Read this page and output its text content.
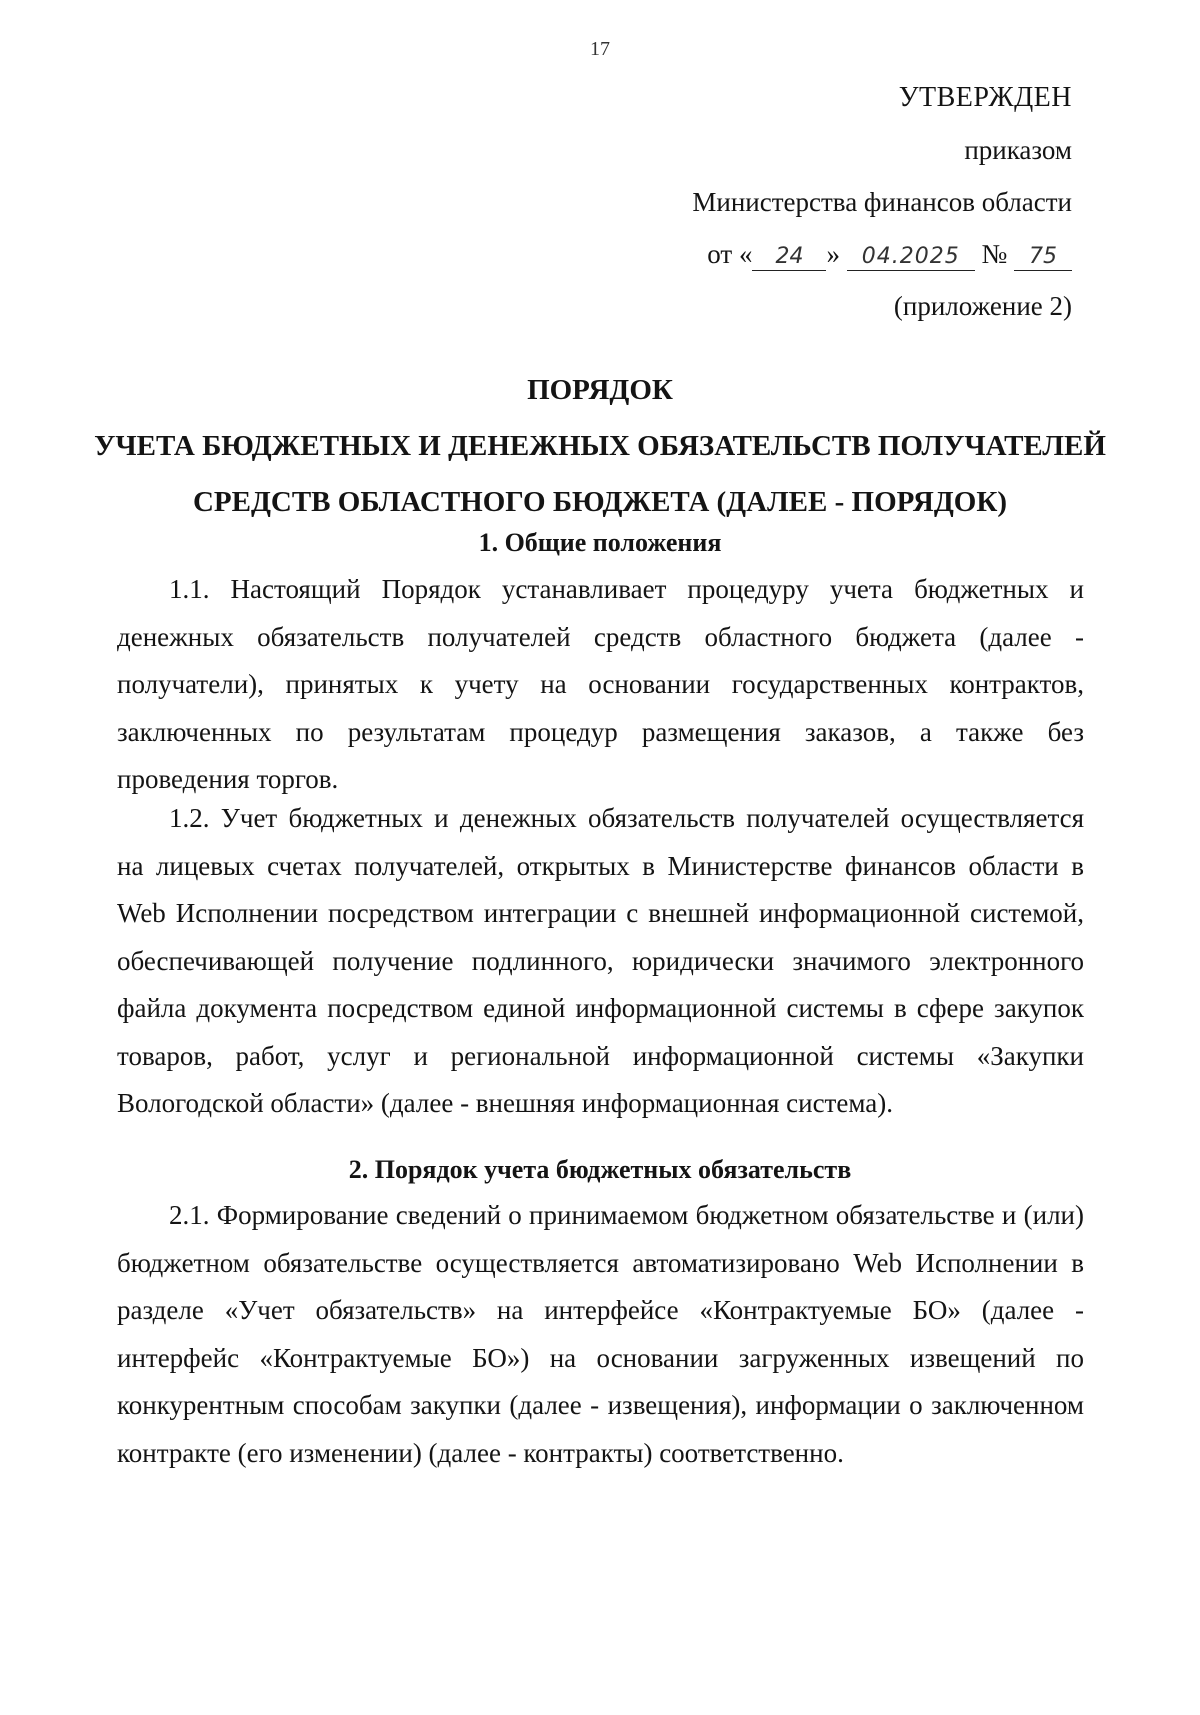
17
УТВЕРЖДЕН
приказом
Министерства финансов области
от « 24 » 04.2025 № 75
(приложение 2)
ПОРЯДОК
УЧЕТА БЮДЖЕТНЫХ И ДЕНЕЖНЫХ ОБЯЗАТЕЛЬСТВ ПОЛУЧАТЕЛЕЙ
СРЕДСТВ ОБЛАСТНОГО БЮДЖЕТА (ДАЛЕЕ - ПОРЯДОК)
1. Общие положения

1.1. Настоящий Порядок устанавливает процедуру учета бюджетных и денежных обязательств получателей средств областного бюджета (далее - получатели), принятых к учету на основании государственных контрактов, заключенных по результатам процедур размещения заказов, а также без проведения торгов.

1.2. Учет бюджетных и денежных обязательств получателей осуществляется на лицевых счетах получателей, открытых в Министерстве финансов области в Web Исполнении посредством интеграции с внешней информационной системой, обеспечивающей получение подлинного, юридически значимого электронного файла документа посредством единой информационной системы в сфере закупок товаров, работ, услуг и региональной информационной системы «Закупки Вологодской области» (далее - внешняя информационная система).

2. Порядок учета бюджетных обязательств

2.1. Формирование сведений о принимаемом бюджетном обязательстве и (или) бюджетном обязательстве осуществляется автоматизировано Web Исполнении в разделе «Учет обязательств» на интерфейсе «Контрактуемые БО» (далее - интерфейс «Контрактуемые БО») на основании загруженных извещений по конкурентным способам закупки (далее - извещения), информации о заключенном контракте (его изменении) (далее - контракты) соответственно.
